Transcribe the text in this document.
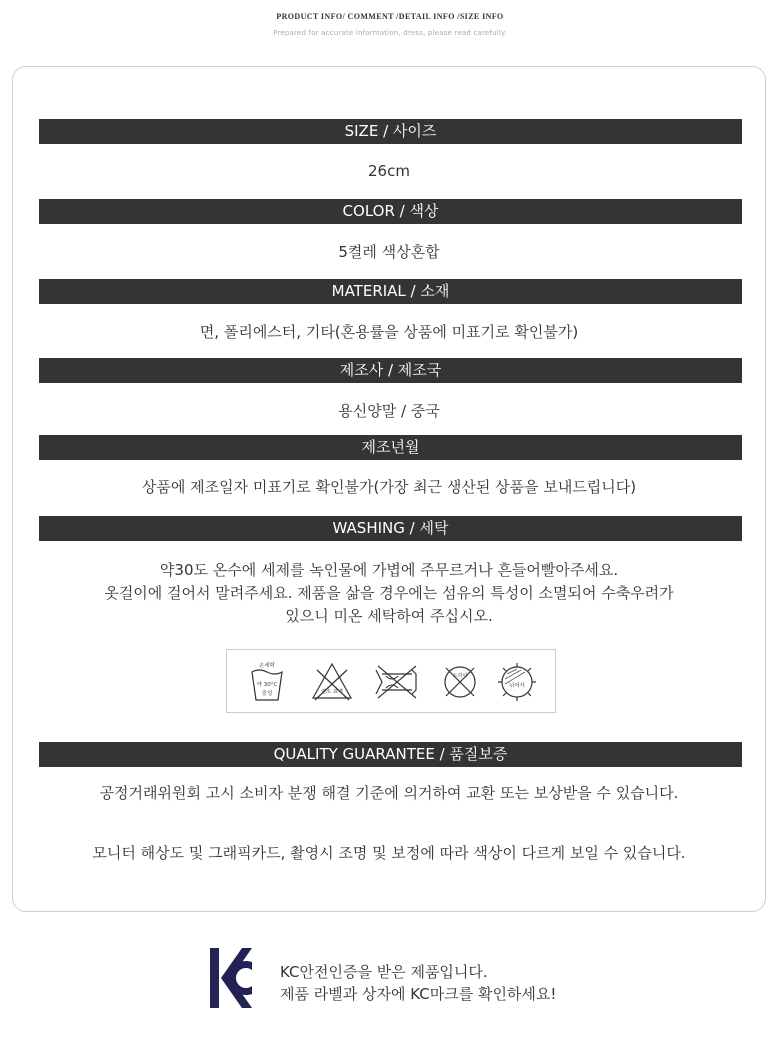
PRODUCT INFO/ COMMENT /DETAIL INFO /SIZE INFO
Prepared for accurate information, dress, please read carefully.
SIZE / 사이즈
26cm
COLOR / 색상
5켤레 색상혼합
MATERIAL / 소재
면, 폴리에스터, 기타(혼용률을 상품에 미표기로 확인불가)
제조사 / 제조국
용신양말 / 중국
제조년월
상품에 제조일자 미표기로 확인불가(가장 최근 생산된 상품을 보내드립니다)
WASHING / 세탁
약30도 온수에 세제를 녹인물에 가볍에 주무르거나 흔들어빨아주세요.
옷걸이에 걸어서 말려주세요. 제품을 삶을 경우에는 섬유의 특성이 소멸되어 수축우려가
있으니 미온 세탁하여 주십시오.
손세탁
약 30°C
중성	염소 표백
드라이
뉘어서
QUALITY GUARANTEE / 품질보증
공정거래위원회 고시 소비자 분쟁 해결 기준에 의거하여 교환 또는 보상받을 수 있습니다.
모니터 해상도 및 그래픽카드, 촬영시 조명 및 보정에 따라 색상이 다르게 보일 수 있습니다.
KC안전인증을 받은 제품입니다.
제품 라벨과 상자에 KC마크를 확인하세요!
